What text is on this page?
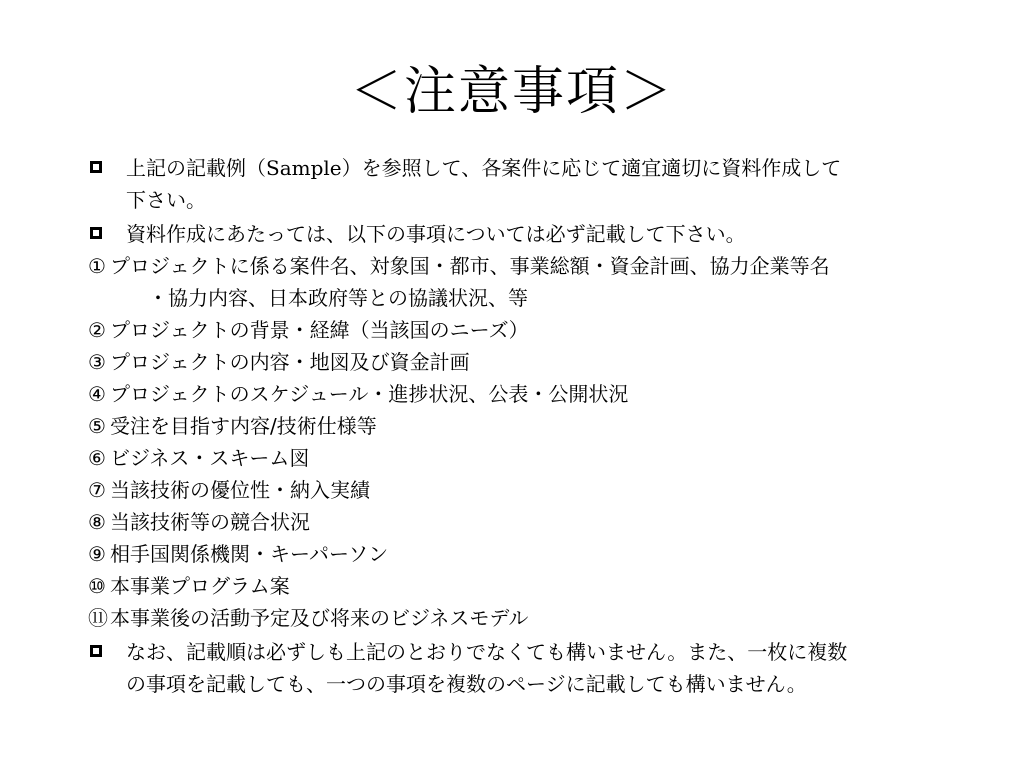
＜注意事項＞
上記の記載例（Sample）を参照して、各案件に応じて適宜適切に資料作成して
下さい。
資料作成にあたっては、以下の事項については必ず記載して下さい。
① プロジェクトに係る案件名、対象国・都市、事業総額・資金計画、協力企業等名
・協力内容、日本政府等との協議状況、等
② プロジェクトの背景・経緯（当該国のニーズ）
③ プロジェクトの内容・地図及び資金計画
④ プロジェクトのスケジュール・進捗状況、公表・公開状況
⑤ 受注を目指す内容/技術仕様等
⑥ ビジネス・スキーム図
⑦ 当該技術の優位性・納入実績
⑧ 当該技術等の競合状況
⑨ 相手国関係機関・キーパーソン
⑩ 本事業プログラム案
⑪ 本事業後の活動予定及び将来のビジネスモデル
なお、記載順は必ずしも上記のとおりでなくても構いません。また、一枚に複数
の事項を記載しても、一つの事項を複数のページに記載しても構いません。
